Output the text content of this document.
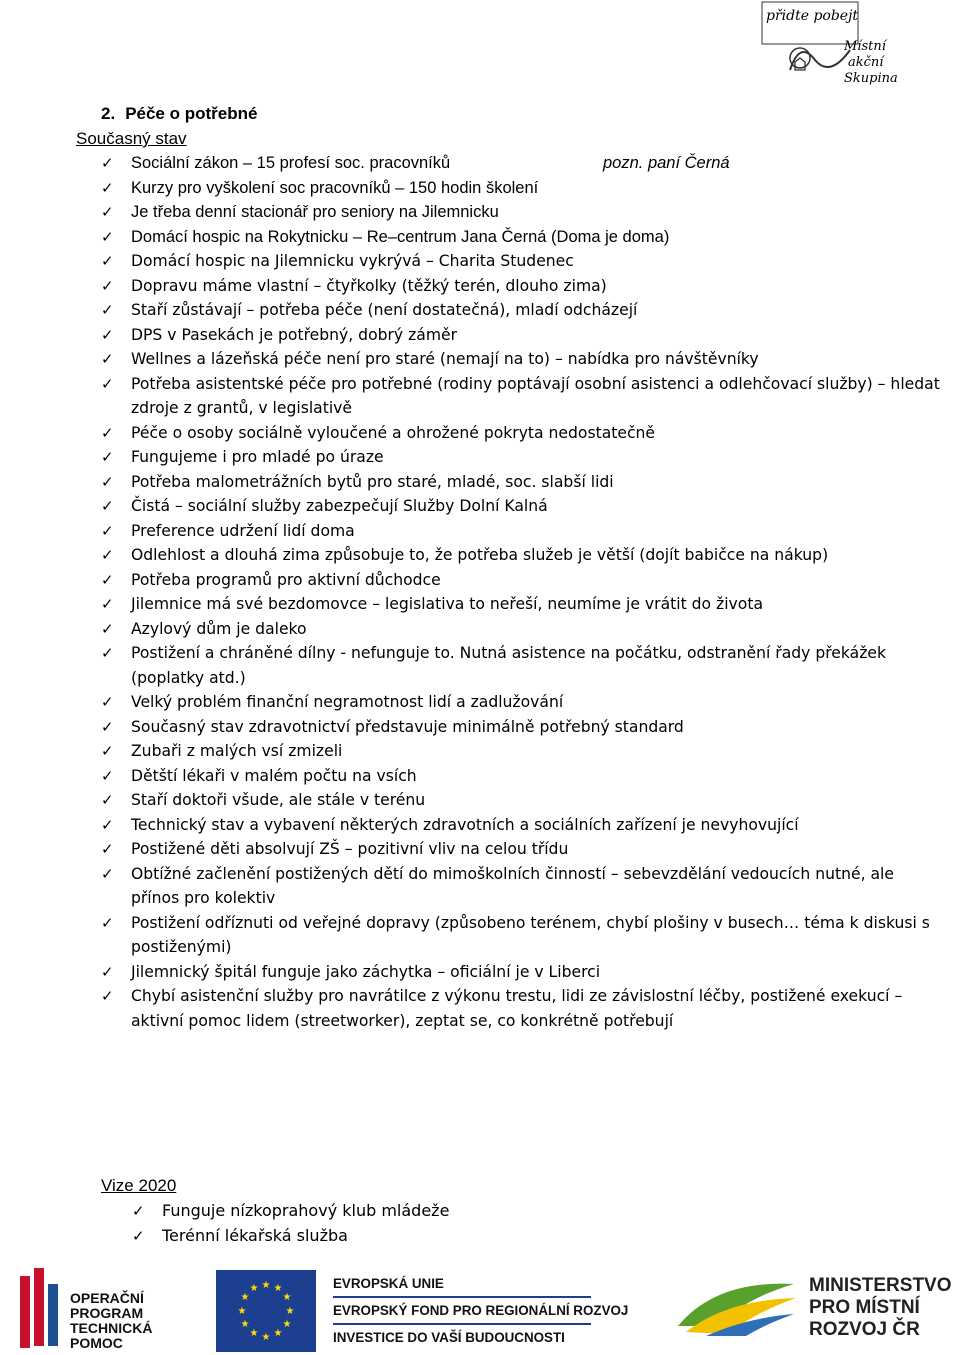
přidte pobejt
Místní
akční
Skupina
2. Péče o potřebné
Současný stav
✓ Sociální zákon – 15 profesí soc. pracovníků	pozn. paní Černá
✓ Kurzy pro vyškolení soc pracovníků – 150 hodin školení
✓ Je třeba denní stacionář pro seniory na Jilemnicku
✓ Domácí hospic na Rokytnicku – Re–centrum Jana Černá (Doma je doma)
✓ Domácí hospic na Jilemnicku vykrývá – Charita Studenec
✓ Dopravu máme vlastní – čtyřkolky (těžký terén, dlouho zima)
✓ Staří zůstávají – potřeba péče (není dostatečná), mladí odcházejí
✓ DPS v Pasekách je potřebný, dobrý záměr
✓ Wellnes a lázeňská péče není pro staré (nemají na to) – nabídka pro návštěvníky
✓ Potřeba asistentské péče pro potřebné (rodiny poptávají osobní asistenci a odlehčovací služby) – hledat zdroje z grantů, v legislativě
✓ Péče o osoby sociálně vyloučené a ohrožené pokryta nedostatečně
✓ Fungujeme i pro mladé po úraze
✓ Potřeba malometrážních bytů pro staré, mladé, soc. slabší lidi
✓ Čistá – sociální služby zabezpečují Služby Dolní Kalná
✓ Preference udržení lidí doma
✓ Odlehlost a dlouhá zima způsobuje to, že potřeba služeb je větší (dojít babičce na nákup)
✓ Potřeba programů pro aktivní důchodce
✓ Jilemnice má své bezdomovce – legislativa to neřeší, neumíme je vrátit do života
✓ Azylový dům je daleko
✓ Postižení a chráněné dílny - nefunguje to. Nutná asistence na počátku, odstranění řady překážek (poplatky atd.)
✓ Velký problém finanční negramotnost lidí a zadlužování
✓ Současný stav zdravotnictví představuje minimálně potřebný standard
✓ Zubaři z malých vsí zmizeli
✓ Dětští lékaři v malém počtu na vsích
✓ Staří doktoři všude, ale stále v terénu
✓ Technický stav a vybavení některých zdravotních a sociálních zařízení je nevyhovující
✓ Postižené děti absolvují ZŠ – pozitivní vliv na celou třídu
✓ Obtížné začlenění postižených dětí do mimoškolních činností – sebevzdělání vedoucích nutné, ale přínos pro kolektiv
✓ Postižení odříznuti od veřejné dopravy (způsobeno terénem, chybí plošiny v busech… téma k diskusi s postiženými)
✓ Jilemnický špitál funguje jako záchytka – oficiální je v Liberci
✓ Chybí asistenční služby pro navrátilce z výkonu trestu, lidi ze závislostní léčby, postižené exekucí – aktivní pomoc lidem (streetworker), zeptat se, co konkrétně potřebují
Vize 2020
✓ Funguje nízkoprahový klub mládeže
✓ Terénní lékařská služba
OPERAČNÍ
PROGRAM
TECHNICKÁ
POMOC
★ ★
★
★
★
★
★
★
★
★
★
★	EVROPSKÁ UNIE
EVROPSKÝ FOND PRO REGIONÁLNÍ ROZVOJ
INVESTICE DO VAŠÍ BUDOUCNOSTI
MINISTERSTVO
PRO MÍSTNÍ
ROZVOJ ČR
